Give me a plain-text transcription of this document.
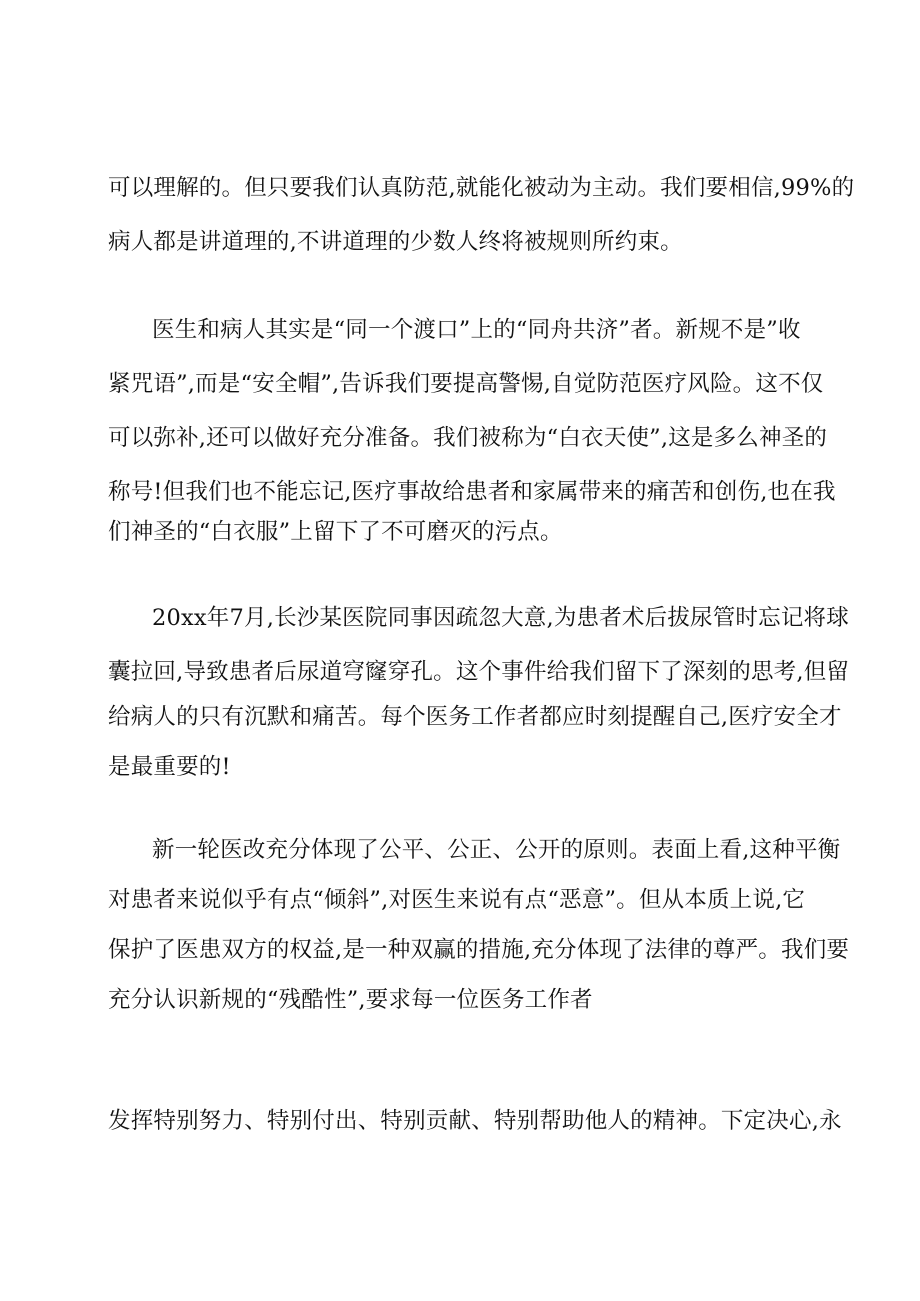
可以理解的。但只要我们认真防范,就能化被动为主动。我们要相信,99%的
病人都是讲道理的,不讲道理的少数人终将被规则所约束。
医生和病人其实是“同一个渡口”上的“同舟共济”者。新规不是”收
紧咒语”,而是“安全帽”,告诉我们要提高警惕,自觉防范医疗风险。这不仅
可以弥补,还可以做好充分准备。我们被称为“白衣天使”,这是多么神圣的
称号!但我们也不能忘记,医疗事故给患者和家属带来的痛苦和创伤,也在我
们神圣的“白衣服”上留下了不可磨灭的污点。
20xx年7月,长沙某医院同事因疏忽大意,为患者术后拔尿管时忘记将球
囊拉回,导致患者后尿道穹窿穿孔。这个事件给我们留下了深刻的思考,但留
给病人的只有沉默和痛苦。每个医务工作者都应时刻提醒自己,医疗安全才
是最重要的!
新一轮医改充分体现了公平、公正、公开的原则。表面上看,这种平衡
对患者来说似乎有点“倾斜”,对医生来说有点“恶意”。但从本质上说,它
保护了医患双方的权益,是一种双赢的措施,充分体现了法律的尊严。我们要
充分认识新规的“残酷性”,要求每一位医务工作者
发挥特别努力、特别付出、特别贡献、特别帮助他人的精神。下定决心,永
